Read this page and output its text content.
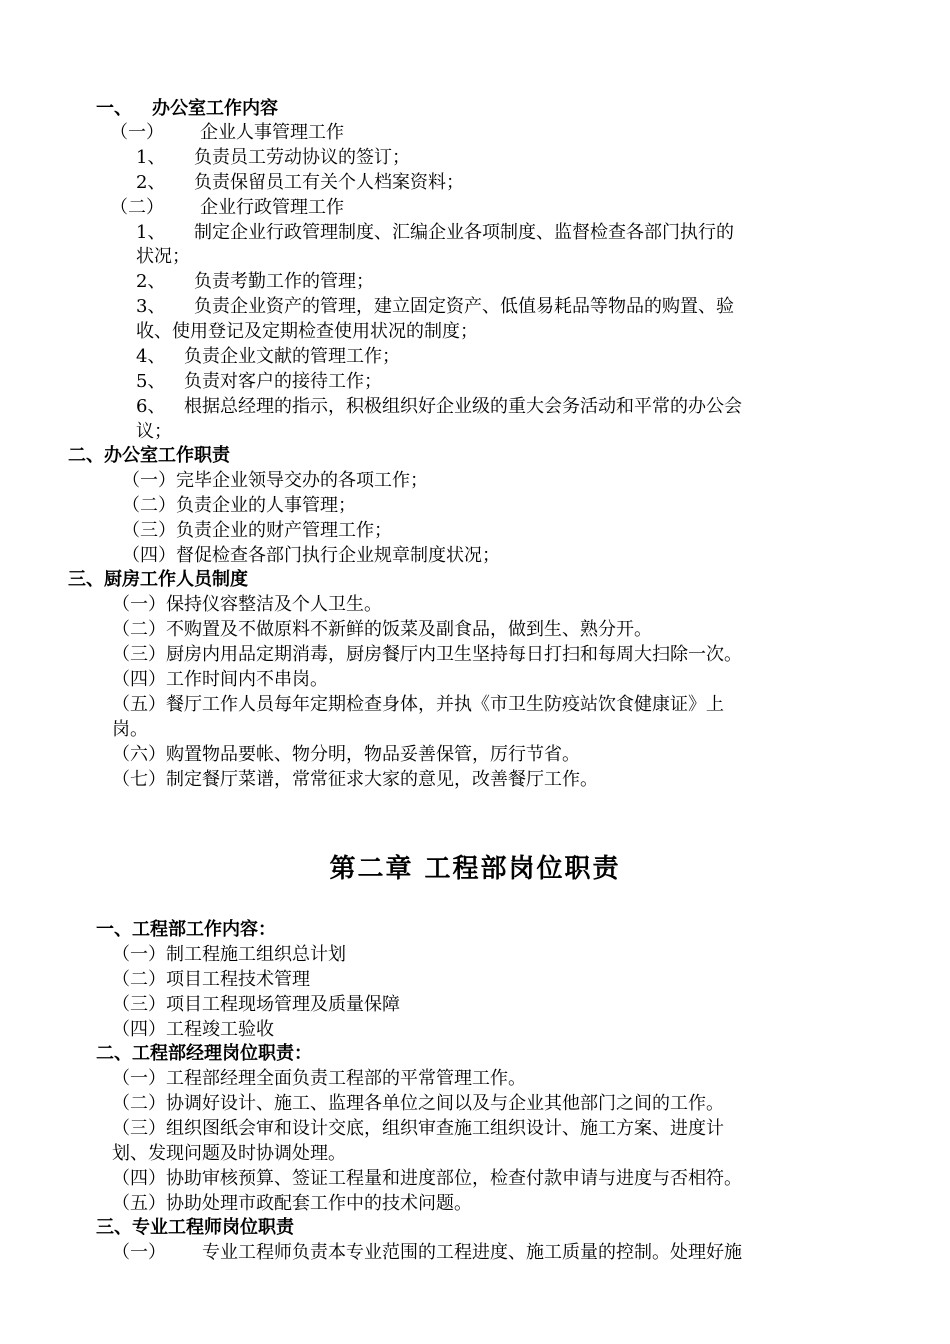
一、 办公室工作内容
（一） 企业人事管理工作
1、 负责员工劳动协议的签订；
2、 负责保留员工有关个人档案资料；
（二） 企业行政管理工作
1、 制定企业行政管理制度、汇编企业各项制度、监督检查各部门执行的
状况；
2、 负责考勤工作的管理；
3、 负责企业资产的管理，建立固定资产、低值易耗品等物品的购置、验
收、使用登记及定期检查使用状况的制度；
4、 负责企业文献的管理工作；
5、 负责对客户的接待工作；
6、 根据总经理的指示，积极组织好企业级的重大会务活动和平常的办公会
议；
二、办公室工作职责
（一）完毕企业领导交办的各项工作；
（二）负责企业的人事管理；
（三）负责企业的财产管理工作；
（四）督促检查各部门执行企业规章制度状况；
三、厨房工作人员制度
（一）保持仪容整洁及个人卫生。
（二）不购置及不做原料不新鲜的饭菜及副食品，做到生、熟分开。
（三）厨房内用品定期消毒，厨房餐厅内卫生坚持每日打扫和每周大扫除一次。
（四）工作时间内不串岗。
（五）餐厅工作人员每年定期检查身体，并执《市卫生防疫站饮食健康证》上
岗。
（六）购置物品要帐、物分明，物品妥善保管，厉行节省。
（七）制定餐厅菜谱，常常征求大家的意见，改善餐厅工作。
第二章 工程部岗位职责
一、工程部工作内容：
（一）制工程施工组织总计划
（二）项目工程技术管理
（三）项目工程现场管理及质量保障
（四）工程竣工验收
二、工程部经理岗位职责：
（一）工程部经理全面负责工程部的平常管理工作。
（二）协调好设计、施工、监理各单位之间以及与企业其他部门之间的工作。
（三）组织图纸会审和设计交底，组织审查施工组织设计、施工方案、进度计
划、发现问题及时协调处理。
（四）协助审核预算、签证工程量和进度部位，检查付款申请与进度与否相符。
（五）协助处理市政配套工作中的技术问题。
三、专业工程师岗位职责
（一） 专业工程师负责本专业范围的工程进度、施工质量的控制。处理好施
